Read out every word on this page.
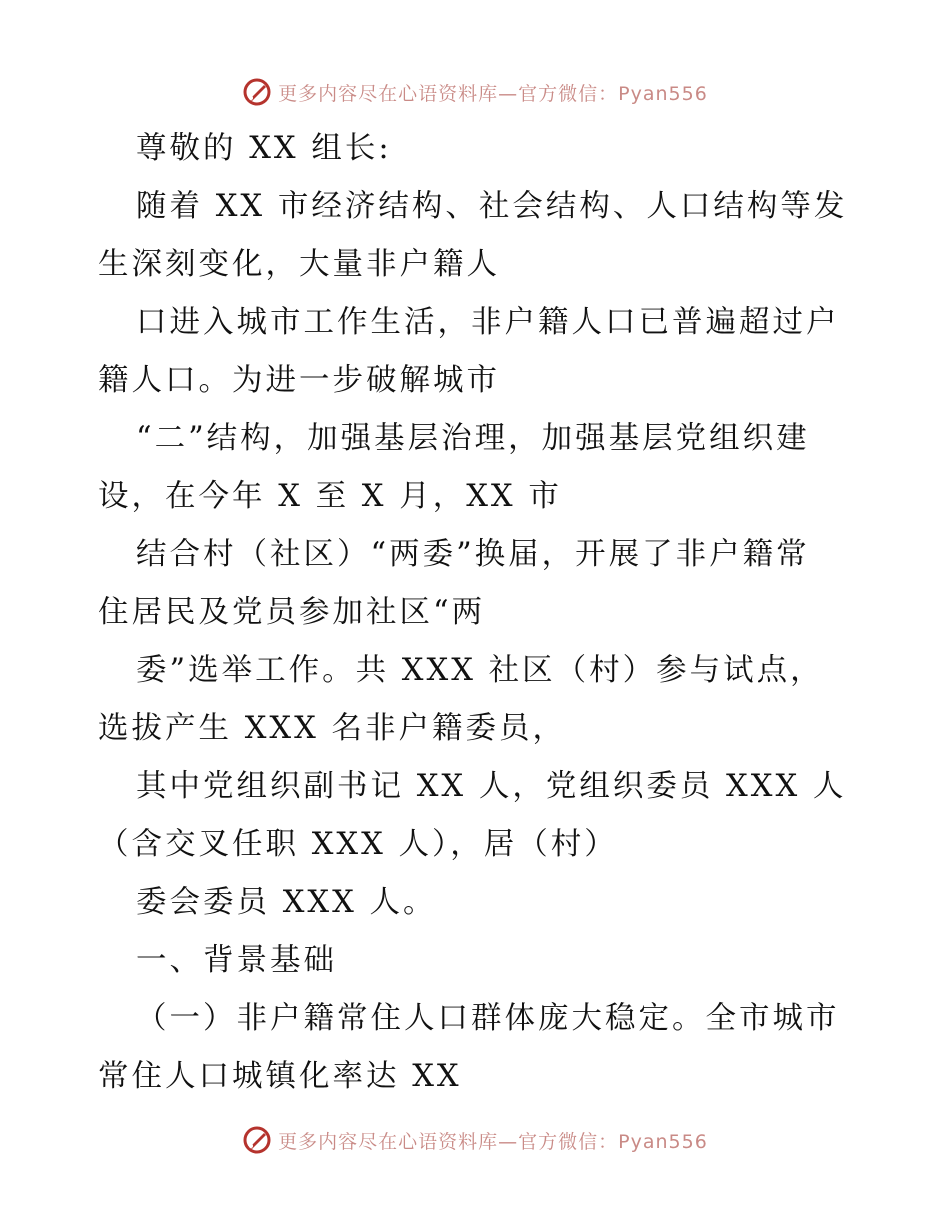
更多内容尽在心语资料库—官方微信：Pyan556
尊敬的 XX 组长:
随着 XX 市经济结构、社会结构、人口结构等发
生深刻变化，大量非户籍人
口进入城市工作生活，非户籍人口已普遍超过户
籍人口。为进一步破解城市
“二”结构，加强基层治理，加强基层党组织建
设，在今年 X 至 X 月，XX 市
结合村（社区）“两委”换届，开展了非户籍常
住居民及党员参加社区“两
委”选举工作。共 XXX 社区（村）参与试点，
选拔产生 XXX 名非户籍委员，
其中党组织副书记 XX 人，党组织委员 XXX 人
（含交叉任职 XXX 人），居（村）
委会委员 XXX 人。
一、背景基础
（一）非户籍常住人口群体庞大稳定。全市城市
常住人口城镇化率达 XX
更多内容尽在心语资料库—官方微信：Pyan556
